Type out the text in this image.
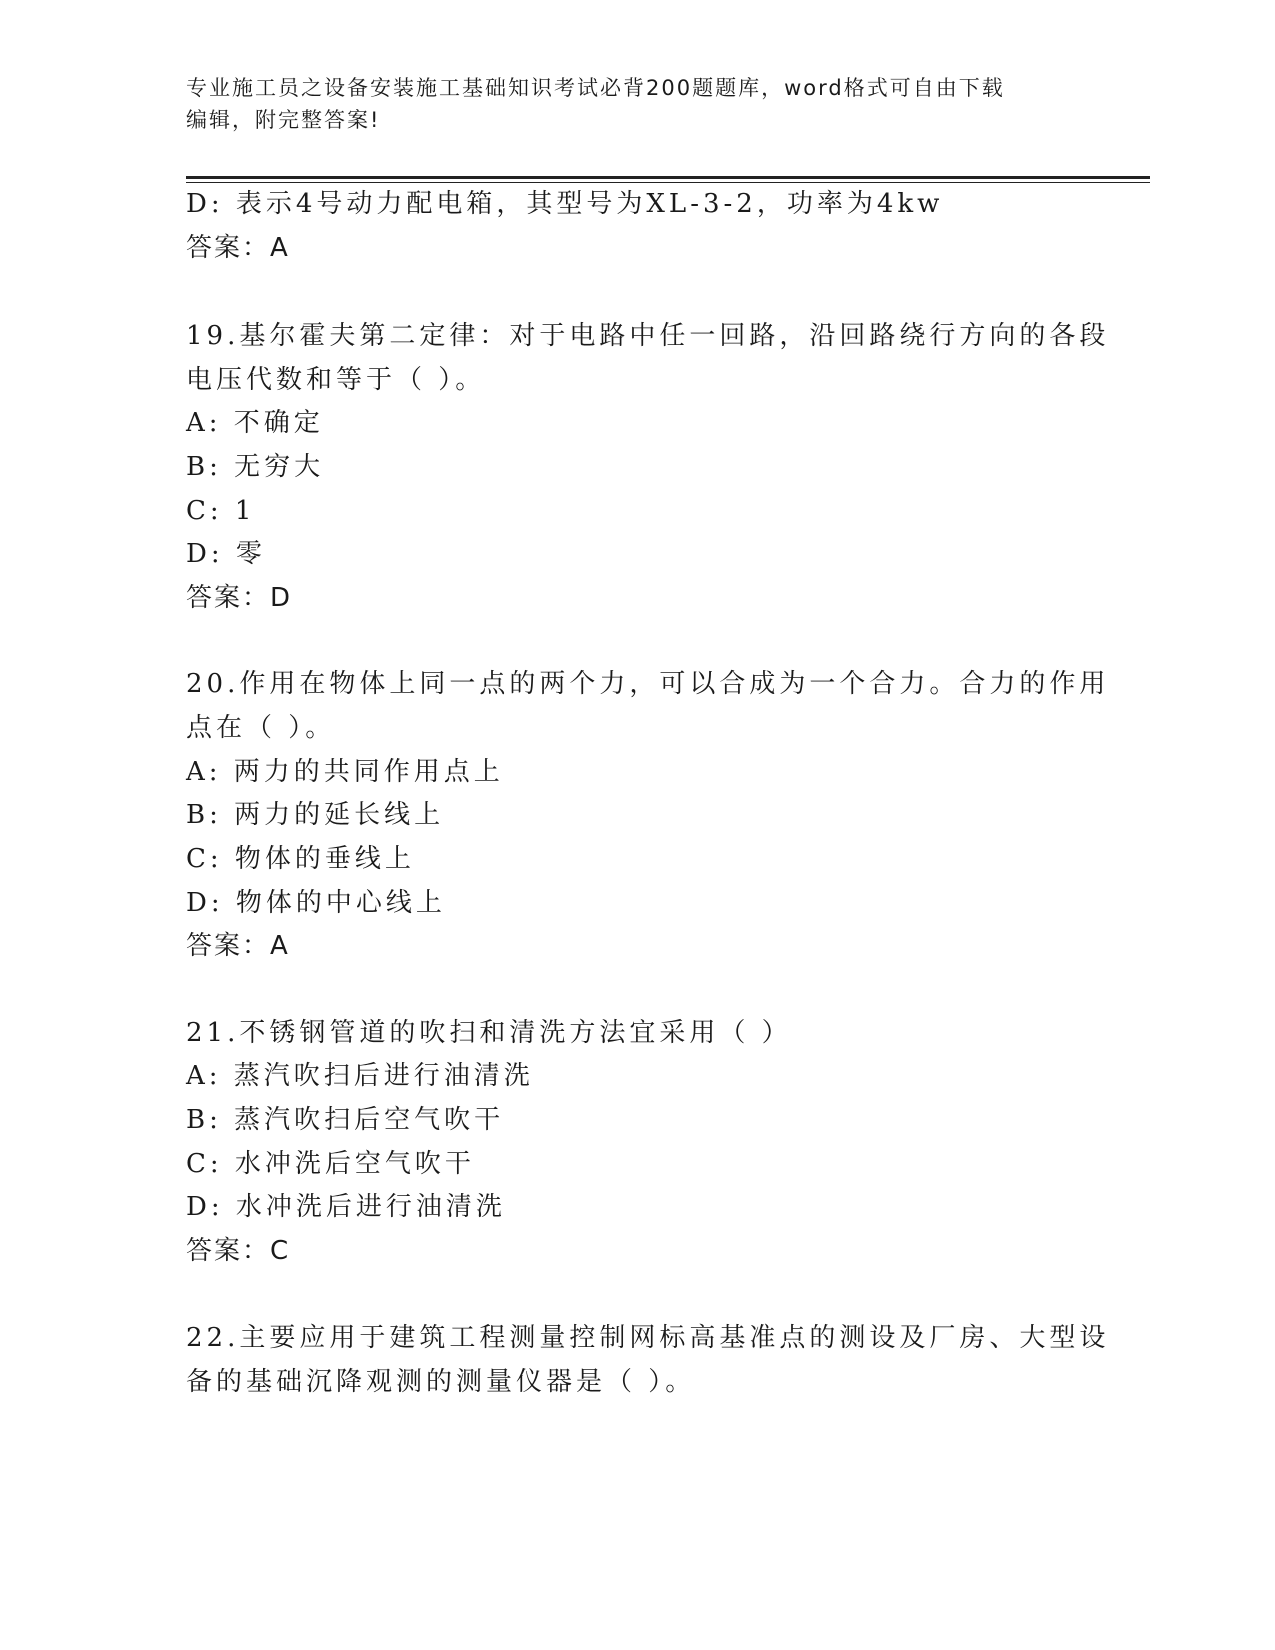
专业施工员之设备安装施工基础知识考试必背200题题库，word格式可自由下载
编辑，附完整答案!
D: 表示4号动力配电箱，其型号为XL-3-2，功率为4kw
答案：A
19.基尔霍夫第二定律：对于电路中任一回路，沿回路绕行方向的各段
电压代数和等于（ ）。
A: 不确定
B: 无穷大
C: 1
D: 零
答案：D
20.作用在物体上同一点的两个力，可以合成为一个合力。合力的作用
点在（ ）。
A: 两力的共同作用点上
B: 两力的延长线上
C: 物体的垂线上
D: 物体的中心线上
答案：A
21.不锈钢管道的吹扫和清洗方法宜采用（ ）
A: 蒸汽吹扫后进行油清洗
B: 蒸汽吹扫后空气吹干
C: 水冲洗后空气吹干
D: 水冲洗后进行油清洗
答案：C
22.主要应用于建筑工程测量控制网标高基准点的测设及厂房、大型设
备的基础沉降观测的测量仪器是（ ）。
